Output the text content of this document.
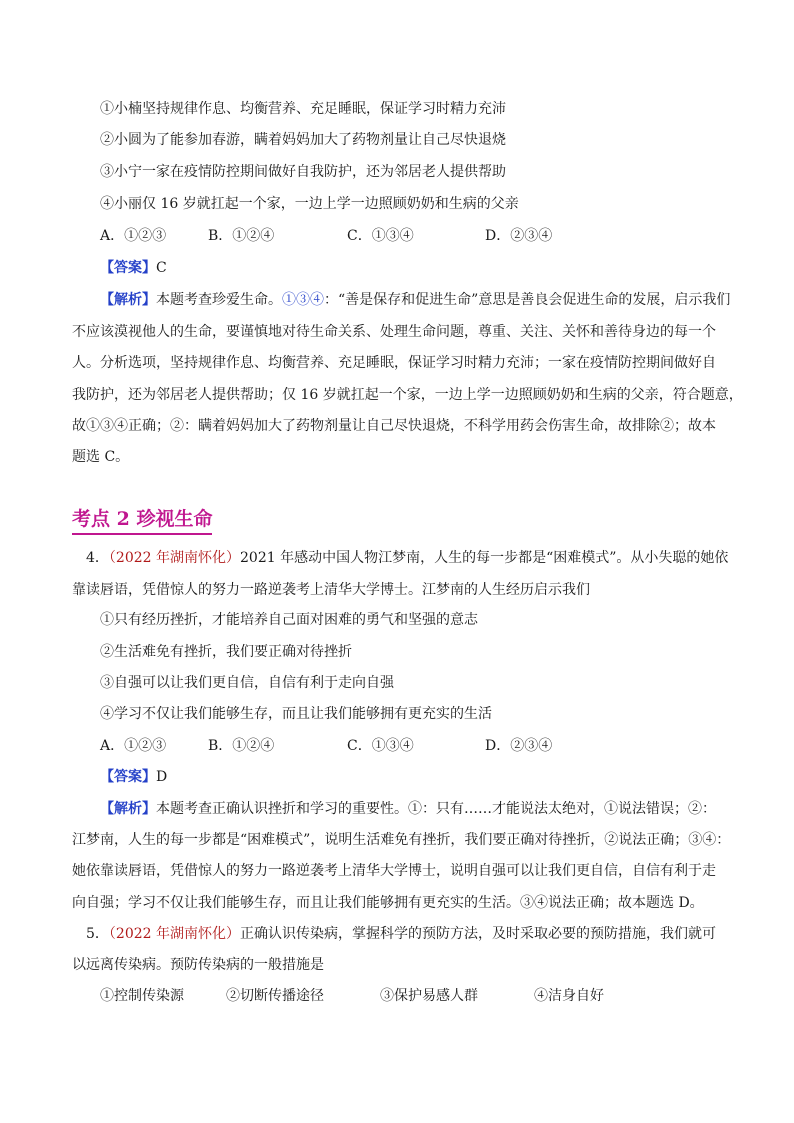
①小楠坚持规律作息、均衡营养、充足睡眠，保证学习时精力充沛
②小圆为了能参加春游，瞒着妈妈加大了药物剂量让自己尽快退烧
③小宁一家在疫情防控期间做好自我防护，还为邻居老人提供帮助
④小丽仅 16 岁就扛起一个家，一边上学一边照顾奶奶和生病的父亲
A．①②③	B．①②④	C．①③④	D．②③④
【答案】C
【解析】本题考查珍爱生命。①③④：“善是保存和促进生命”意思是善良会促进生命的发展，启示我们
不应该漠视他人的生命，要谨慎地对待生命关系、处理生命问题，尊重、关注、关怀和善待身边的每一个
人。分析选项，坚持规律作息、均衡营养、充足睡眠，保证学习时精力充沛；一家在疫情防控期间做好自
我防护，还为邻居老人提供帮助；仅 16 岁就扛起一个家，一边上学一边照顾奶奶和生病的父亲，符合题意，
故①③④正确；②：瞒着妈妈加大了药物剂量让自己尽快退烧，不科学用药会伤害生命，故排除②；故本
题选 C。
考点 2 珍视生命
4．（2022 年湖南怀化）2021 年感动中国人物江梦南，人生的每一步都是“困难模式”。从小失聪的她依
靠读唇语，凭借惊人的努力一路逆袭考上清华大学博士。江梦南的人生经历启示我们
①只有经历挫折，才能培养自己面对困难的勇气和坚强的意志
②生活难免有挫折，我们要正确对待挫折
③自强可以让我们更自信，自信有利于走向自强
④学习不仅让我们能够生存，而且让我们能够拥有更充实的生活
A．①②③	B．①②④	C．①③④	D．②③④
【答案】D
【解析】本题考查正确认识挫折和学习的重要性。①：只有……才能说法太绝对，①说法错误；②：
江梦南，人生的每一步都是“困难模式”，说明生活难免有挫折，我们要正确对待挫折，②说法正确；③④：
她依靠读唇语，凭借惊人的努力一路逆袭考上清华大学博士，说明自强可以让我们更自信，自信有利于走
向自强；学习不仅让我们能够生存，而且让我们能够拥有更充实的生活。③④说法正确；故本题选 D。
5．（2022 年湖南怀化）正确认识传染病，掌握科学的预防方法，及时采取必要的预防措施，我们就可
以远离传染病。预防传染病的一般措施是
①控制传染源	②切断传播途径	③保护易感人群	④洁身自好
